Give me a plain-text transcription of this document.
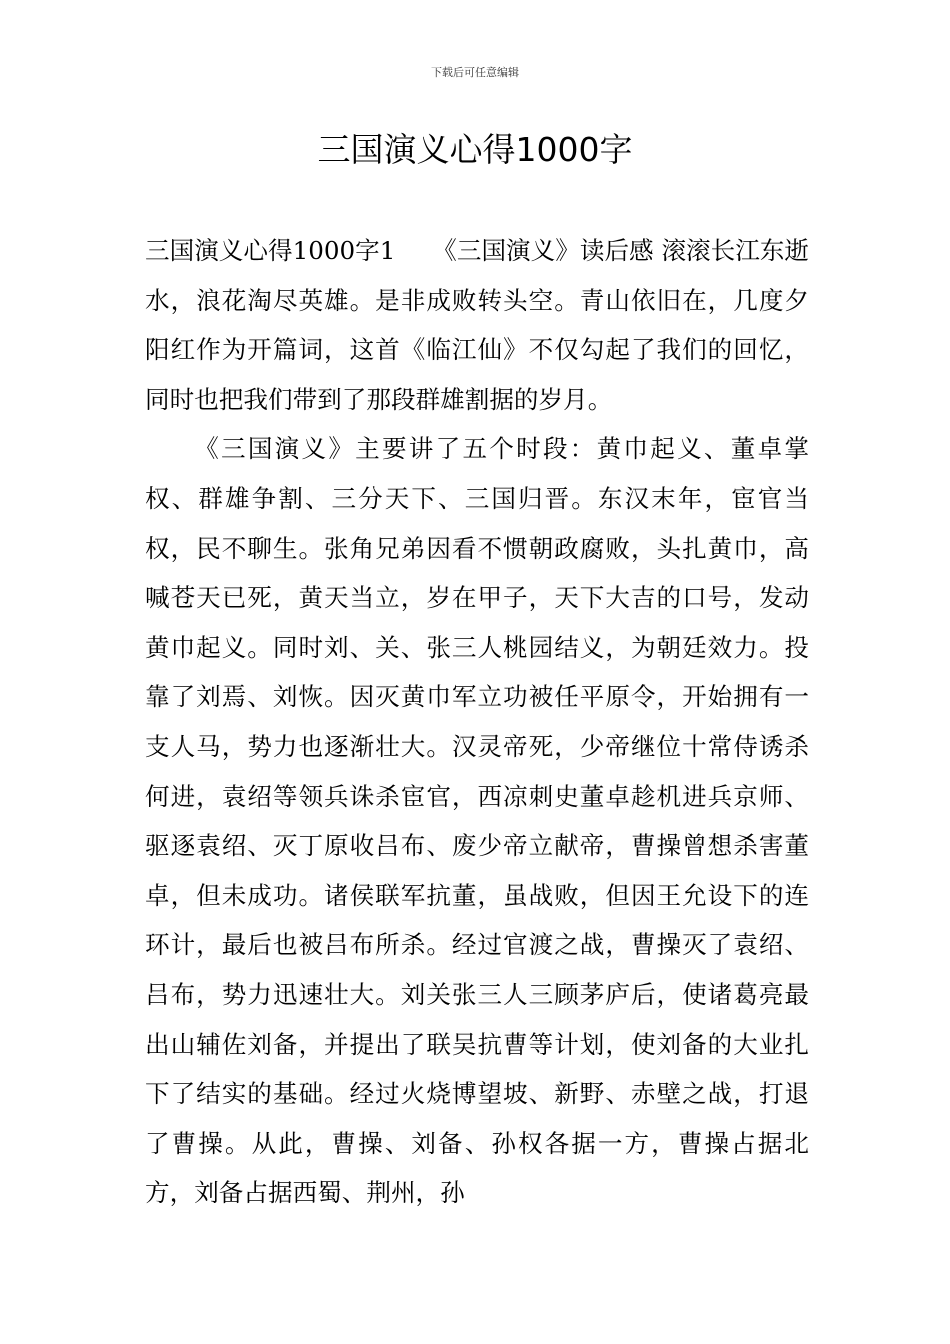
下载后可任意编辑
三国演义心得1000字

三国演义心得1000字1　　《三国演义》读后感 滚滚长江东逝水，浪花淘尽英雄。是非成败转头空。青山依旧在，几度夕阳红作为开篇词，这首《临江仙》不仅勾起了我们的回忆，同时也把我们带到了那段群雄割据的岁月。

《三国演义》主要讲了五个时段：黄巾起义、董卓掌权、群雄争割、三分天下、三国归晋。东汉末年，宦官当权，民不聊生。张角兄弟因看不惯朝政腐败，头扎黄巾，高喊苍天已死，黄天当立，岁在甲子，天下大吉的口号，发动黄巾起义。同时刘、关、张三人桃园结义，为朝廷效力。投靠了刘焉、刘恢。因灭黄巾军立功被任平原令，开始拥有一支人马，势力也逐渐壮大。汉灵帝死，少帝继位十常侍诱杀何进，袁绍等领兵诛杀宦官，西凉刺史董卓趁机进兵京师、驱逐袁绍、灭丁原收吕布、废少帝立献帝，曹操曾想杀害董卓，但未成功。诸侯联军抗董，虽战败，但因王允设下的连环计，最后也被吕布所杀。经过官渡之战，曹操灭了袁绍、吕布，势力迅速壮大。刘关张三人三顾茅庐后，使诸葛亮最出山辅佐刘备，并提出了联吴抗曹等计划，使刘备的大业扎下了结实的基础。经过火烧博望坡、新野、赤壁之战，打退了曹操。从此，曹操、刘备、孙权各据一方，曹操占据北方，刘备占据西蜀、荆州，孙
